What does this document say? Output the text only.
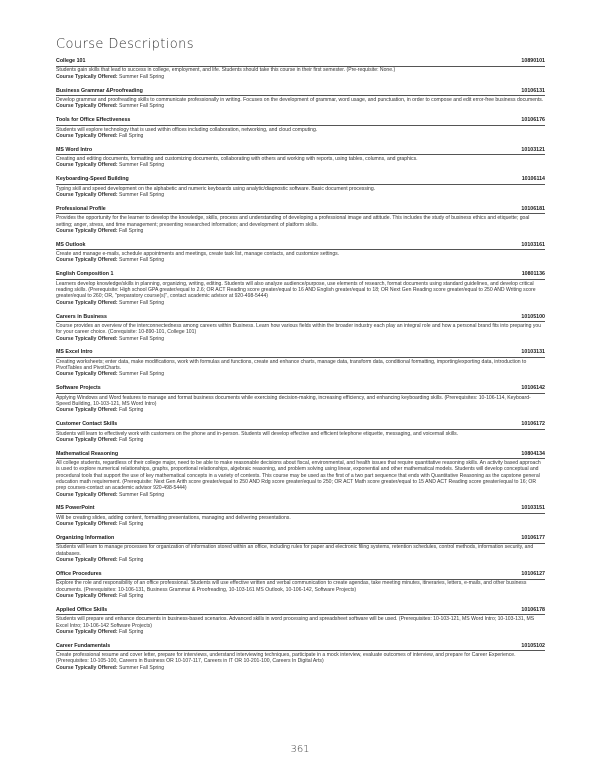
Course Descriptions
College 101	10890101

Students gain skills that lead to success in college, employment, and life. Students should take this course in their first semester. (Pre-requisite: None.)

Course Typically Offered: Summer Fall Spring
Business Grammar &Proofreading	10106131

Develop grammar and proofreading skills to communicate professionally in writing. Focuses on the development of grammar, word usage, and punctuation, in order to compose and edit error-free business documents.

Course Typically Offered: Summer Fall Spring
Tools for Office Effectiveness	10106176

Students will explore technology that is used within offices including collaboration, networking, and cloud computing.

Course Typically Offered: Fall Spring
MS Word Intro	10103121

Creating and editing documents, formatting and customizing documents, collaborating with others and working with reports, using tables, columns, and graphics.

Course Typically Offered: Summer Fall Spring
Keyboarding-Speed Building	10106114

Typing skill and speed development on the alphabetic and numeric keyboards using analytic/diagnostic software. Basic document processing.

Course Typically Offered: Summer Fall Spring
Professional Profile	10106181

Provides the opportunity for the learner to develop the knowledge, skills, process and understanding of developing a professional image and attitude. This includes the study of business ethics and etiquette; goal setting; anger, stress, and time management; presenting researched information; and development of platform skills.

Course Typically Offered: Fall Spring
MS Outlook	10103161

Create and manage e-mails, schedule appointments and meetings, create task list, manage contacts, and customize settings.

Course Typically Offered: Summer Fall Spring
English Composition 1	10801136

Learners develop knowledge/skills in planning, organizing, writing, editing. Students will also analyze audience/purpose, use elements of research, format documents using standard guidelines, and develop critical reading skills. (Prerequisite: High school GPA greater/equal to 2.6; OR ACT Reading score greater/equal to 16 AND English greater/equal to 18; OR Next Gen Reading score greater/equal to 250 AND Writing score greater/equal to 260; OR, "preparatory course(s)", contact academic advisor at 920-498-5444)

Course Typically Offered: Summer Fall Spring
Careers in Business	10105100

Course provides an overview of the interconnectedness among careers within Business. Learn how various fields within the broader industry each play an integral role and how a personal brand fits into preparing you for your career choice. (Corequisite: 10-890-101, College 101)

Course Typically Offered: Summer Fall Spring
MS Excel Intro	10103131

Creating worksheets; enter data, make modifications, work with formulas and functions, create and enhance charts, manage data, transform data, conditional formatting, importing/exporting data, introduction to PivotTables and PivotCharts.

Course Typically Offered: Summer Fall Spring
Software Projects	10106142

Applying Windows and Word features to manage and format business documents while exercising decision-making, increasing efficiency, and enhancing keyboarding skills. (Prerequisites: 10-106-114, Keyboard-Speed Building, 10-103-121, MS Word Intro)

Course Typically Offered: Fall Spring
Customer Contact Skills	10106172

Students will learn to effectively work with customers on the phone and in-person. Students will develop effective and efficient telephone etiquette, messaging, and voicemail skills.

Course Typically Offered: Fall Spring
Mathematical Reasoning	10804134

All college students, regardless of their college major, need to be able to make reasonable decisions about fiscal, environmental, and health issues that require quantitative reasoning skills. An activity based approach is used to explore numerical relationships, graphs, proportional relationships, algebraic reasoning, and problem solving using linear, exponential and other mathematical models. Students will develop conceptual and procedural tools that support the use of key mathematical concepts in a variety of contexts. This course may be used as the first of a two part sequence that ends with Quantitative Reasoning as the capstone general education math requirement. (Prerequisite: Next Gen Arith score greater/equal to 250 AND Rdg score greater/equal to 250; OR ACT Math score greater/equal to 15 AND ACT Reading score greater/equal to 16; OR prep courses-contact an academic advisor 920-498-5444)

Course Typically Offered: Summer Fall Spring
MS PowerPoint	10103151

Will be creating slides, adding content, formatting presentations, managing and delivering presentations.

Course Typically Offered: Fall Spring
Organizing Information	10106177

Students will learn to manage processes for organization of information stored within an office, including rules for paper and electronic filing systems, retention schedules, control methods, information security, and databases.

Course Typically Offered: Fall Spring
Office Procedures	10106127

Explore the role and responsibility of an office professional. Students will use effective written and verbal communication to create agendas, take meeting minutes, itineraries, letters, e-mails, and other business documents. (Prerequisites: 10-106-131, Business Grammar & Proofreading, 10-103-161 MS Outlook, 10-106-142, Software Projects)

Course Typically Offered: Fall Spring
Applied Office Skills	10106178

Students will prepare and enhance documents in business-based scenarios. Advanced skills in word processing and spreadsheet software will be used. (Prerequisites: 10-103-121, MS Word Intro; 10-103-131, MS Excel Intro; 10-106-142 Software Projects)

Course Typically Offered: Fall Spring
Career Fundamentals	10105102

Create professional resume and cover letter, prepare for interviews, understand interviewing techniques, participate in a mock interview, evaluate outcomes of interview, and prepare for Career Experience. (Prerequisites: 10-105-100, Careers in Business OR 10-107-117, Careers in IT OR 10-201-100, Careers In Digital Arts)

Course Typically Offered: Summer Fall Spring
361
